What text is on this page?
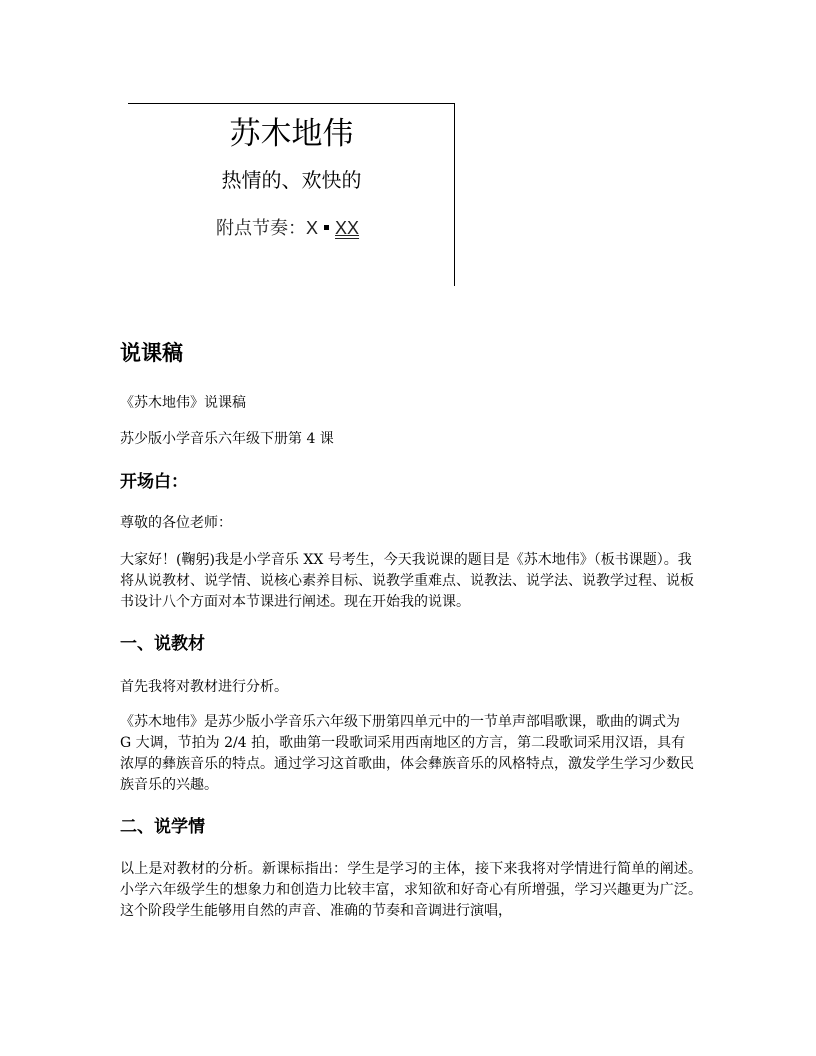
苏木地伟
热情的、欢快的
附点节奏：X XX
说课稿
《苏木地伟》说课稿
苏少版小学音乐六年级下册第 4 课
开场白：
尊敬的各位老师：
大家好！(鞠躬)我是小学音乐 XX 号考生，今天我说课的题目是《苏木地伟》（板书课题）。我将从说教材、说学情、说核心素养目标、说教学重难点、说教法、说学法、说教学过程、说板书设计八个方面对本节课进行阐述。现在开始我的说课。
一、说教材
首先我将对教材进行分析。
《苏木地伟》是苏少版小学音乐六年级下册第四单元中的一节单声部唱歌课，歌曲的调式为 G 大调，节拍为 2/4 拍，歌曲第一段歌词采用西南地区的方言，第二段歌词采用汉语，具有浓厚的彝族音乐的特点。通过学习这首歌曲，体会彝族音乐的风格特点，激发学生学习少数民族音乐的兴趣。
二、说学情
以上是对教材的分析。新课标指出：学生是学习的主体，接下来我将对学情进行简单的阐述。小学六年级学生的想象力和创造力比较丰富，求知欲和好奇心有所增强，学习兴趣更为广泛。这个阶段学生能够用自然的声音、准确的节奏和音调进行演唱，
